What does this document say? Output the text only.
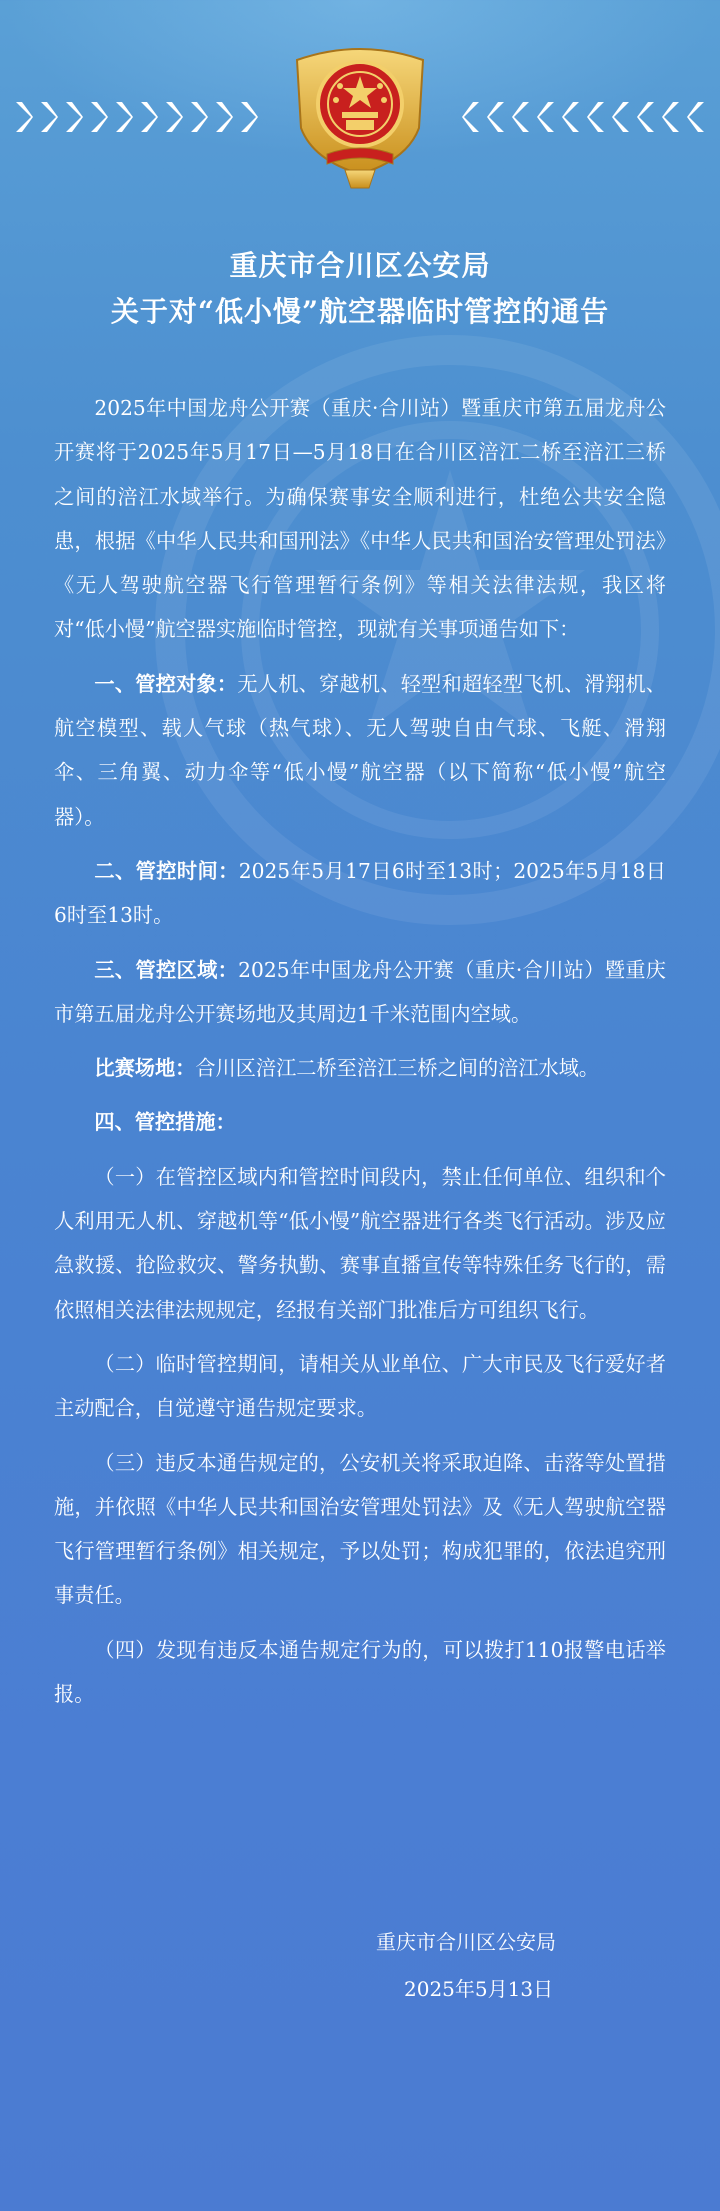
重庆市合川区公安局
关于对“低小慢”航空器临时管控的通告

2025年中国龙舟公开赛（重庆·合川站）暨重庆市第五届龙舟公开赛将于2025年5月17日—5月18日在合川区涪江二桥至涪江三桥之间的涪江水域举行。为确保赛事安全顺利进行，杜绝公共安全隐患，根据《中华人民共和国刑法》《中华人民共和国治安管理处罚法》《无人驾驶航空器飞行管理暂行条例》等相关法律法规，我区将对“低小慢”航空器实施临时管控，现就有关事项通告如下：

一、管控对象：无人机、穿越机、轻型和超轻型飞机、滑翔机、航空模型、载人气球（热气球）、无人驾驶自由气球、飞艇、滑翔伞、三角翼、动力伞等“低小慢”航空器（以下简称“低小慢”航空器）。

二、管控时间：2025年5月17日6时至13时；2025年5月18日6时至13时。

三、管控区域：2025年中国龙舟公开赛（重庆·合川站）暨重庆市第五届龙舟公开赛场地及其周边1千米范围内空域。

比赛场地：合川区涪江二桥至涪江三桥之间的涪江水域。

四、管控措施：

（一）在管控区域内和管控时间段内，禁止任何单位、组织和个人利用无人机、穿越机等“低小慢”航空器进行各类飞行活动。涉及应急救援、抢险救灾、警务执勤、赛事直播宣传等特殊任务飞行的，需依照相关法律法规规定，经报有关部门批准后方可组织飞行。

（二）临时管控期间，请相关从业单位、广大市民及飞行爱好者主动配合，自觉遵守通告规定要求。

（三）违反本通告规定的，公安机关将采取迫降、击落等处置措施，并依照《中华人民共和国治安管理处罚法》及《无人驾驶航空器飞行管理暂行条例》相关规定，予以处罚；构成犯罪的，依法追究刑事责任。

（四）发现有违反本通告规定行为的，可以拨打110报警电话举报。

重庆市合川区公安局
2025年5月13日
